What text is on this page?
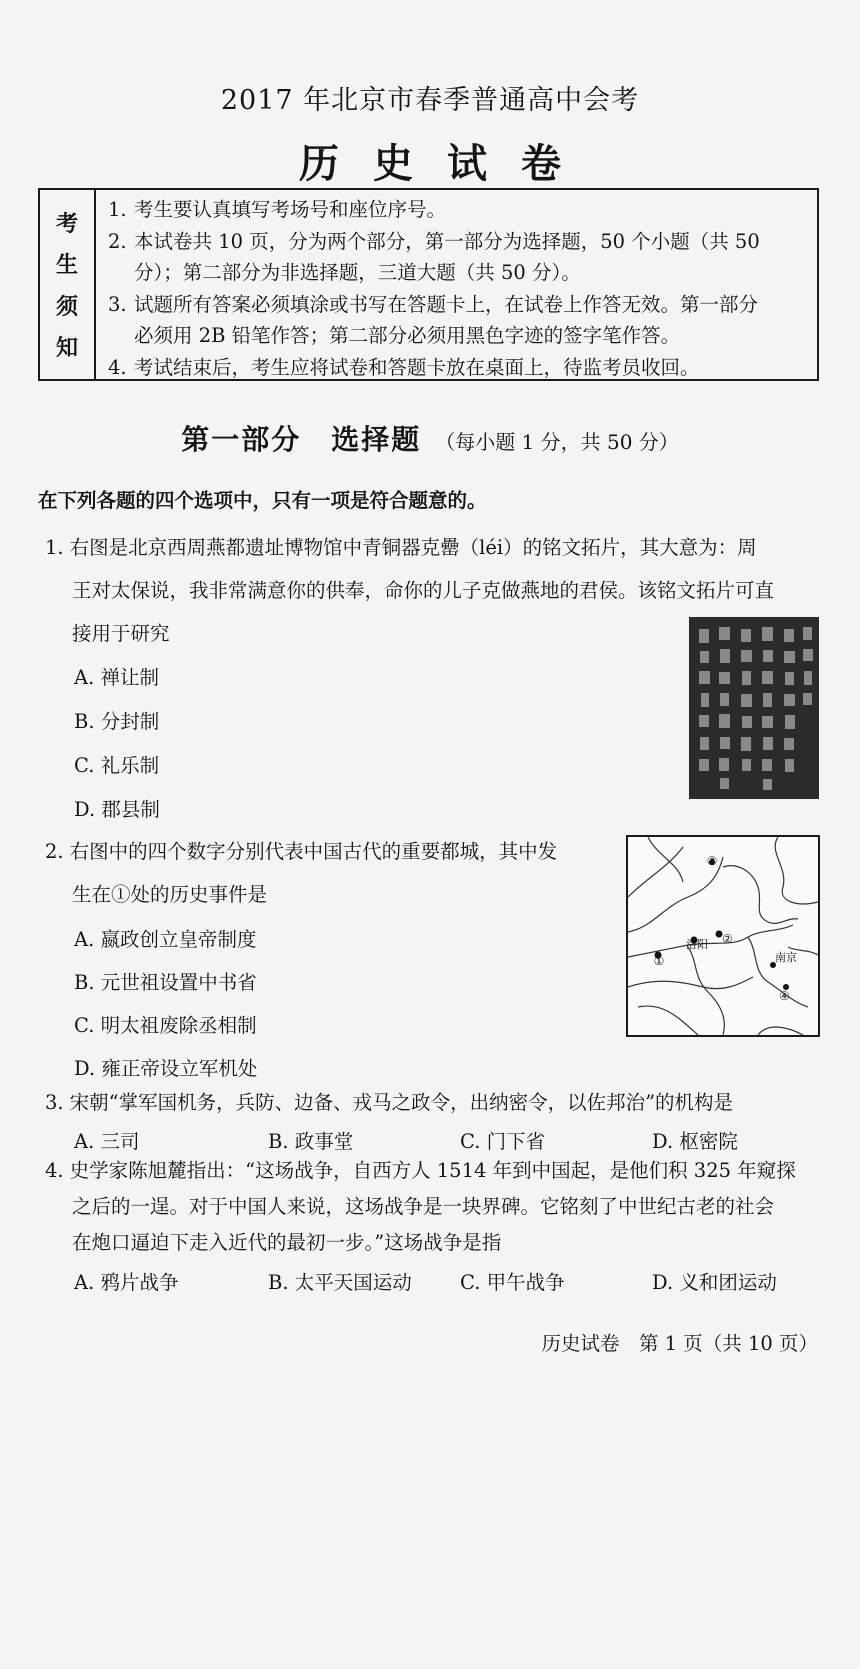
2017 年北京市春季普通高中会考
历史试卷
考
生
须
知
1. 考生要认真填写考场号和座位序号。
2. 本试卷共 10 页，分为两个部分，第一部分为选择题，50 个小题（共 50
分）；第二部分为非选择题，三道大题（共 50 分）。
3. 试题所有答案必须填涂或书写在答题卡上，在试卷上作答无效。第一部分
必须用 2B 铅笔作答；第二部分必须用黑色字迹的签字笔作答。
4. 考试结束后，考生应将试卷和答题卡放在桌面上，待监考员收回。
第一部分　选择题 （每小题 1 分，共 50 分）
在下列各题的四个选项中，只有一项是符合题意的。
1. 右图是北京西周燕都遗址博物馆中青铜器克罍（léi）的铭文拓片，其大意为：周
王对太保说，我非常满意你的供奉，命你的儿子克做燕地的君侯。该铭文拓片可直
接用于研究
A. 禅让制
B. 分封制
C. 礼乐制
D. 郡县制
2. 右图中的四个数字分别代表中国古代的重要都城，其中发
生在①处的历史事件是
A. 嬴政创立皇帝制度
B. 元世祖设置中书省
C. 明太祖废除丞相制
D. 雍正帝设立军机处
①
洛阳 ②
③
南京
④
3. 宋朝“掌军国机务，兵防、边备、戎马之政令，出纳密令，以佐邦治”的机构是
A. 三司	B. 政事堂	C. 门下省	D. 枢密院
4. 史学家陈旭麓指出：“这场战争，自西方人 1514 年到中国起，是他们积 325 年窥探
之后的一逞。对于中国人来说，这场战争是一块界碑。它铭刻了中世纪古老的社会
在炮口逼迫下走入近代的最初一步。”这场战争是指
A. 鸦片战争	B. 太平天国运动 C. 甲午战争	D. 义和团运动
历史试卷　第 1 页（共 10 页）
